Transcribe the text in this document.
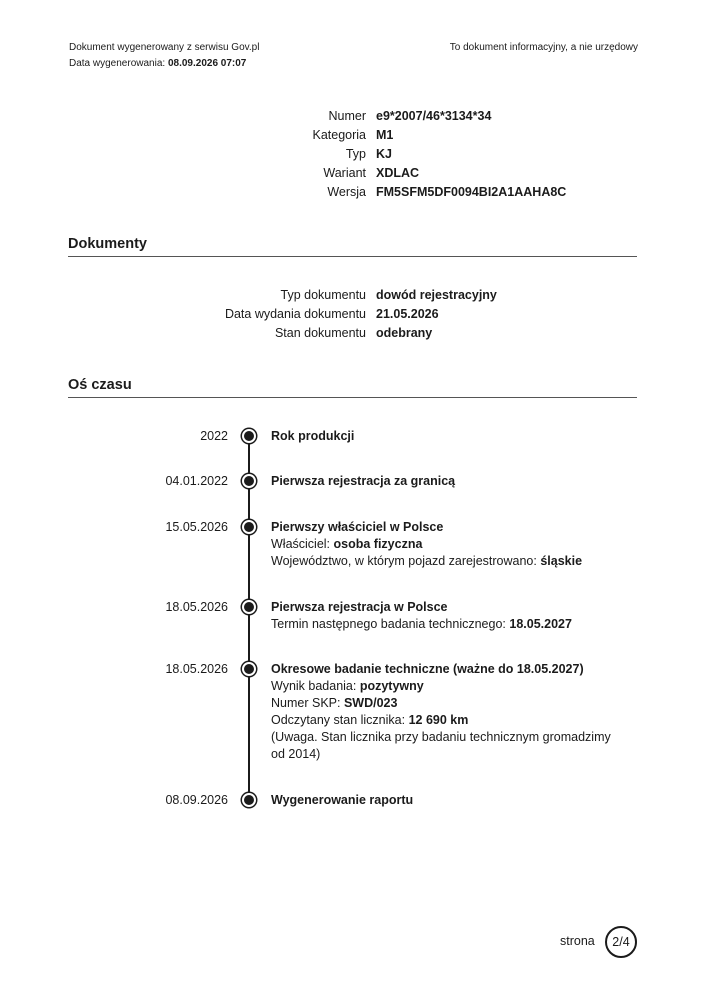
Dokument wygenerowany z serwisu Gov.pl
Data wygenerowania: 08.09.2026 07:07
To dokument informacyjny, a nie urzędowy
Numer e9*2007/46*3134*34
Kategoria M1
Typ KJ
Wariant XDLAC
Wersja FM5SFM5DF0094BI2A1AAHA8C
Dokumenty
Typ dokumentu dowód rejestracyjny
Data wydania dokumentu 21.05.2026
Stan dokumentu odebrany
Oś czasu
2022	Rok produkcji
04.01.2022	Pierwsza rejestracja za granicą
15.05.2026	Pierwszy właściciel w Polsce
Właściciel: osoba fizyczna
Województwo, w którym pojazd zarejestrowano: śląskie
18.05.2026	Pierwsza rejestracja w Polsce
Termin następnego badania technicznego: 18.05.2027
18.05.2026	Okresowe badanie techniczne (ważne do 18.05.2027)
Wynik badania: pozytywny
Numer SKP: SWD/023
Odczytany stan licznika: 12 690 km
(Uwaga. Stan licznika przy badaniu technicznym gromadzimy od 2014)
08.09.2026	Wygenerowanie raportu
strona	2/4
